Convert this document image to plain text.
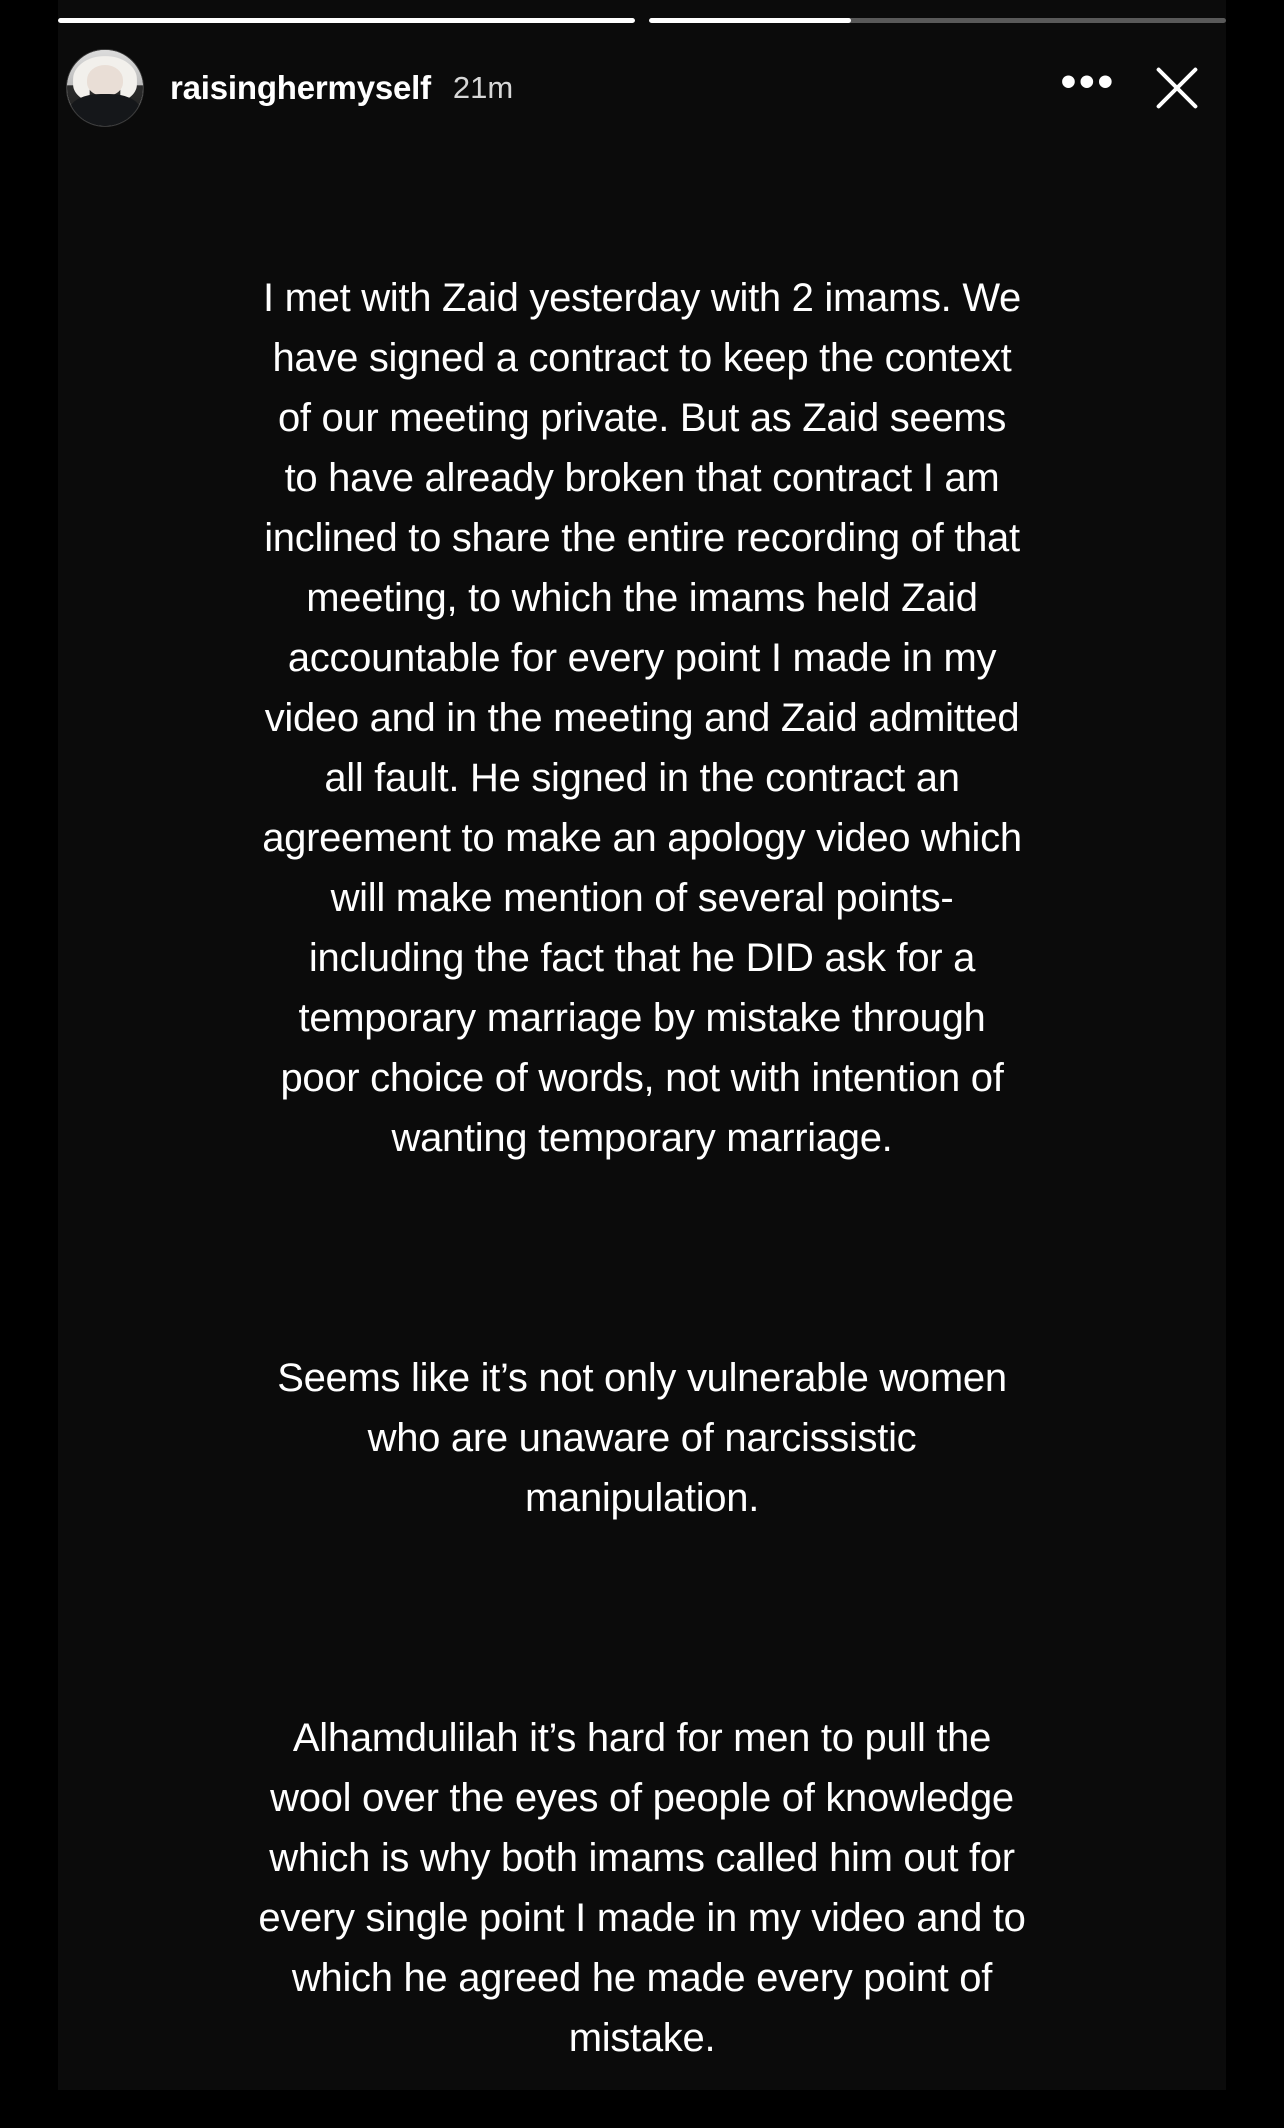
raisinghermyself 21m	•••

I met with Zaid yesterday with 2 imams. We have signed a contract to keep the context of our meeting private. But as Zaid seems to have already broken that contract I am inclined to share the entire recording of that meeting, to which the imams held Zaid accountable for every point I made in my video and in the meeting and Zaid admitted all fault. He signed in the contract an agreement to make an apology video which will make mention of several points- including the fact that he DID ask for a temporary marriage by mistake through poor choice of words, not with intention of wanting temporary marriage.

Seems like it’s not only vulnerable women who are unaware of narcissistic manipulation.

Alhamdulilah it’s hard for men to pull the wool over the eyes of people of knowledge which is why both imams called him out for every single point I made in my video and to which he agreed he made every point of mistake.
